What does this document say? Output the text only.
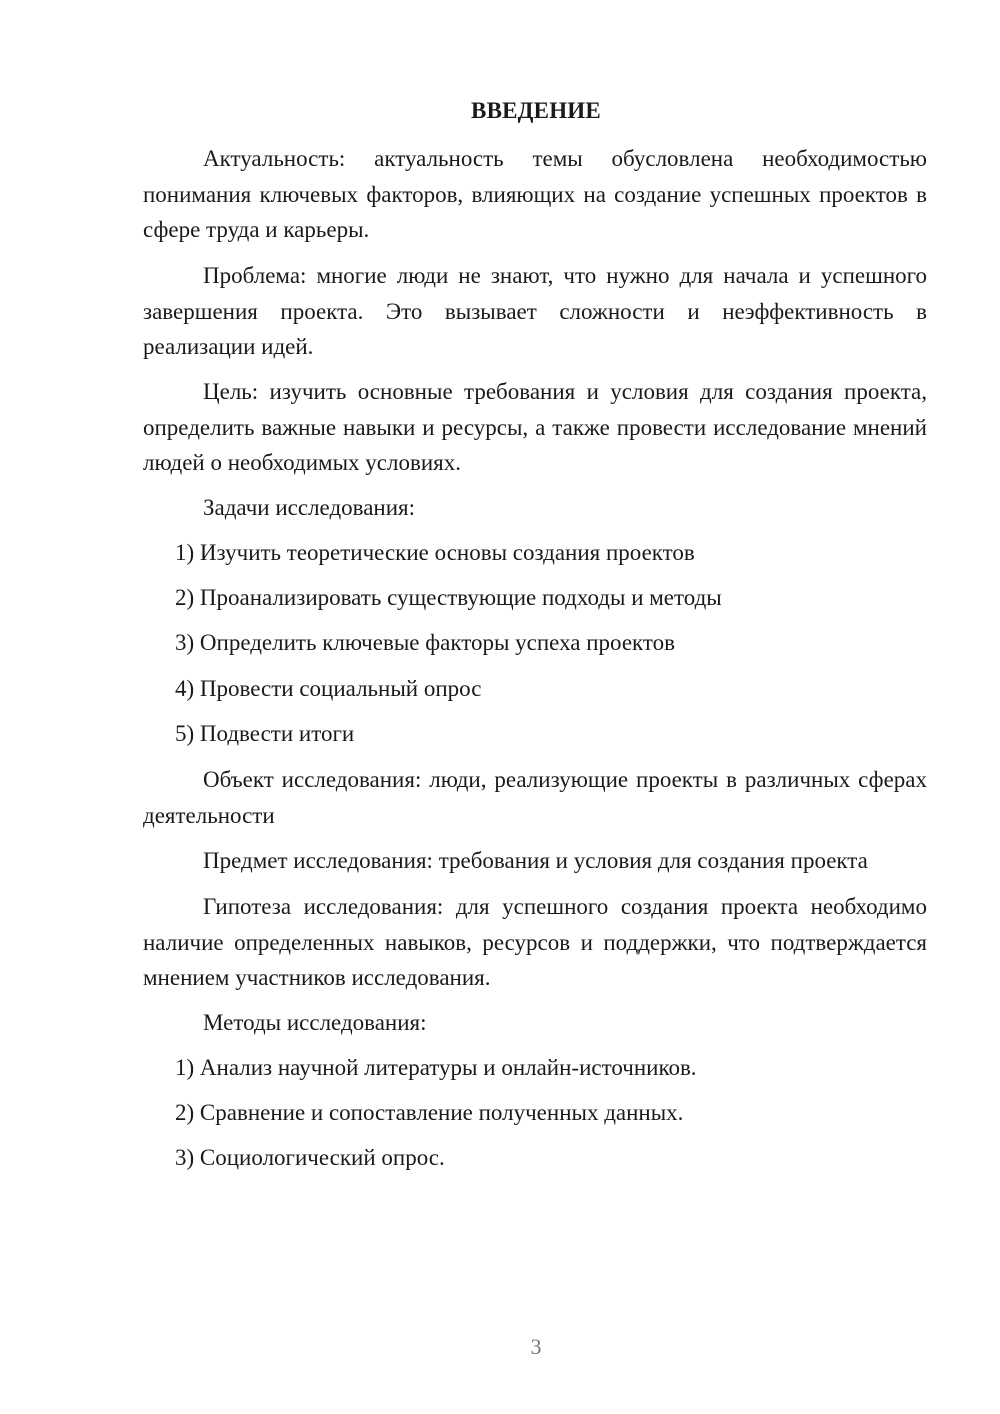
ВВЕДЕНИЕ

Актуальность: актуальность темы обусловлена необходимостью понимания ключевых факторов, влияющих на создание успешных проектов в сфере труда и карьеры.

Проблема: многие люди не знают, что нужно для начала и успешного завершения проекта. Это вызывает сложности и неэффективность в реализации идей.

Цель: изучить основные требования и условия для создания проекта, определить важные навыки и ресурсы, а также провести исследование мнений людей о необходимых условиях.

Задачи исследования:

1) Изучить теоретические основы создания проектов

2) Проанализировать существующие подходы и методы

3) Определить ключевые факторы успеха проектов

4) Провести социальный опрос

5) Подвести итоги

Объект исследования: люди, реализующие проекты в различных сферах деятельности

Предмет исследования: требования и условия для создания проекта

Гипотеза исследования: для успешного создания проекта необходимо наличие определенных навыков, ресурсов и поддержки, что подтверждается мнением участников исследования.

Методы исследования:

1) Анализ научной литературы и онлайн-источников.

2) Сравнение и сопоставление полученных данных.

3) Социологический опрос.

3
